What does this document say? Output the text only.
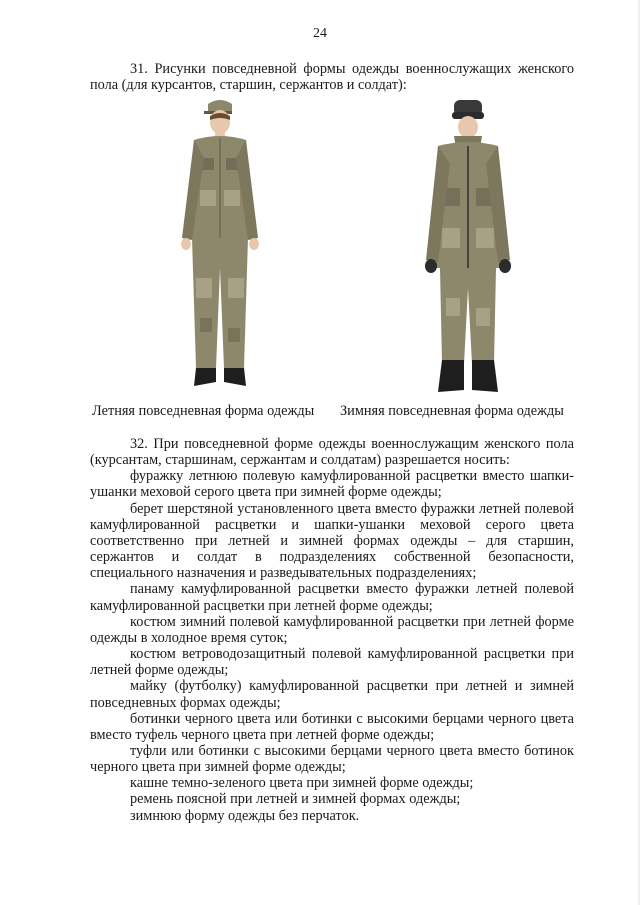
24

31. Рисунки повседневной формы одежды военнослужащих женского пола (для курсантов, старшин, сержантов и солдат):

Летняя повседневная форма одежды Зимняя повседневная форма одежды

32. При повседневной форме одежды военнослужащим женского пола (курсантам, старшинам, сержантам и солдатам) разрешается носить:

фуражку летнюю полевую камуфлированной расцветки вместо шапки-ушанки меховой серого цвета при зимней форме одежды;

берет шерстяной установленного цвета вместо фуражки летней полевой камуфлированной расцветки и шапки-ушанки меховой серого цвета соответственно при летней и зимней формах одежды – для старшин, сержантов и солдат в подразделениях собственной безопасности, специального назначения и разведывательных подразделениях;

панаму камуфлированной расцветки вместо фуражки летней полевой камуфлированной расцветки при летней форме одежды;

костюм зимний полевой камуфлированной расцветки при летней форме одежды в холодное время суток;

костюм ветроводозащитный полевой камуфлированной расцветки при летней форме одежды;

майку (футболку) камуфлированной расцветки при летней и зимней повседневных формах одежды;

ботинки черного цвета или ботинки с высокими берцами черного цвета вместо туфель черного цвета при летней форме одежды;

туфли или ботинки с высокими берцами черного цвета вместо ботинок черного цвета при зимней форме одежды;

кашне темно-зеленого цвета при зимней форме одежды;

ремень поясной при летней и зимней формах одежды;

зимнюю форму одежды без перчаток.
